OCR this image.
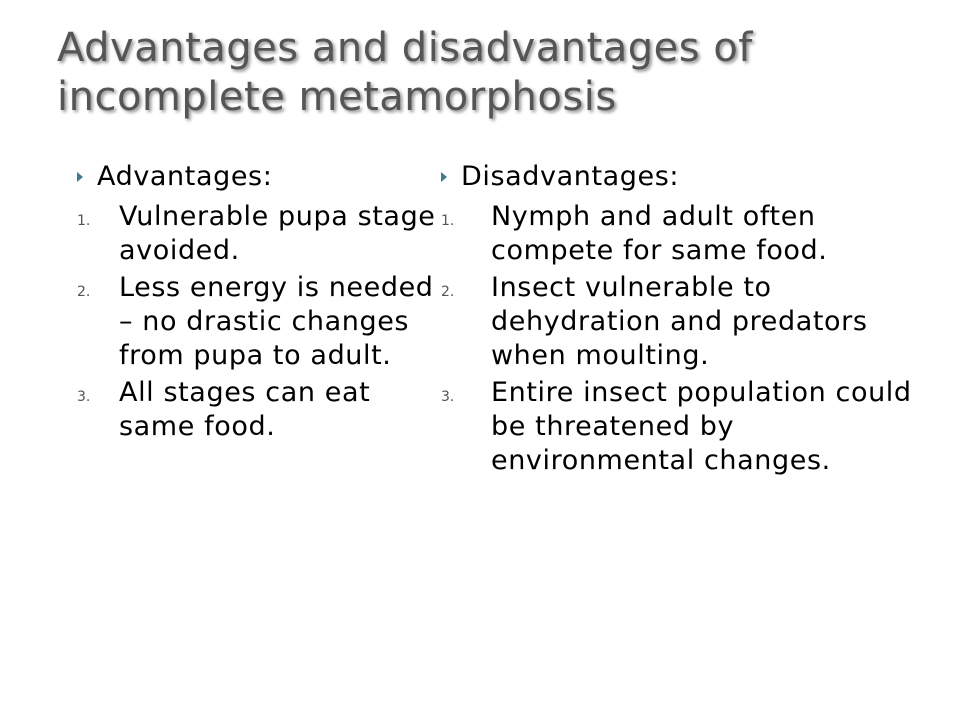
Advantages and disadvantages of incomplete metamorphosis
Advantages:
1.	Vulnerable pupa stage avoided.
2.	Less energy is needed – no drastic changes from pupa to adult.
3.	All stages can eat same food.
Disadvantages:
1.	Nymph and adult often compete for same food.
2.	Insect vulnerable to dehydration and predators when moulting.
3.	Entire insect population could be threatened by environmental changes.
